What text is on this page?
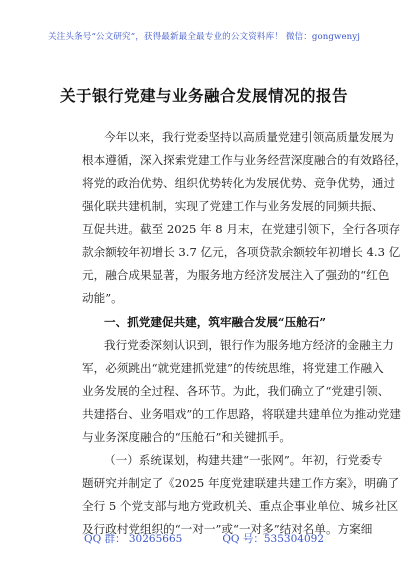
关注头条号“公文研究”，获得最新最全最专业的公文资料库！ 微信：gongwenyj
关于银行党建与业务融合发展情况的报告
今年以来，我行党委坚持以高质量党建引领高质量发展为
根本遵循，深入探索党建工作与业务经营深度融合的有效路径，
将党的政治优势、组织优势转化为发展优势、竞争优势，通过
强化联共建机制，实现了党建工作与业务发展的同频共振、
互促共进。截至 2025 年 8 月末，在党建引领下，全行各项存
款余额较年初增长 3.7 亿元，各项贷款余额较年初增长 4.3 亿
元，融合成果显著，为服务地方经济发展注入了强劲的“红色
动能”。
一、抓党建促共建，筑牢融合发展“压舱石”
我行党委深刻认识到，银行作为服务地方经济的金融主力
军，必须跳出“就党建抓党建”的传统思维，将党建工作融入
业务发展的全过程、各环节。为此，我们确立了“党建引领、
共建搭台、业务唱戏”的工作思路，将联建共建单位为推动党建
与业务深度融合的“压舱石”和关键抓手。
（一）系统谋划，构建共建“一张网”。年初，行党委专
题研究并制定了《2025 年度党建联建共建工作方案》，明确了
全行 5 个党支部与地方党政机关、重点企事业单位、城乡社区
及行政村党组织的“一对一”或“一对多”结对名单。方案细
QQ 群： 30265665	QQ 号：535304092
